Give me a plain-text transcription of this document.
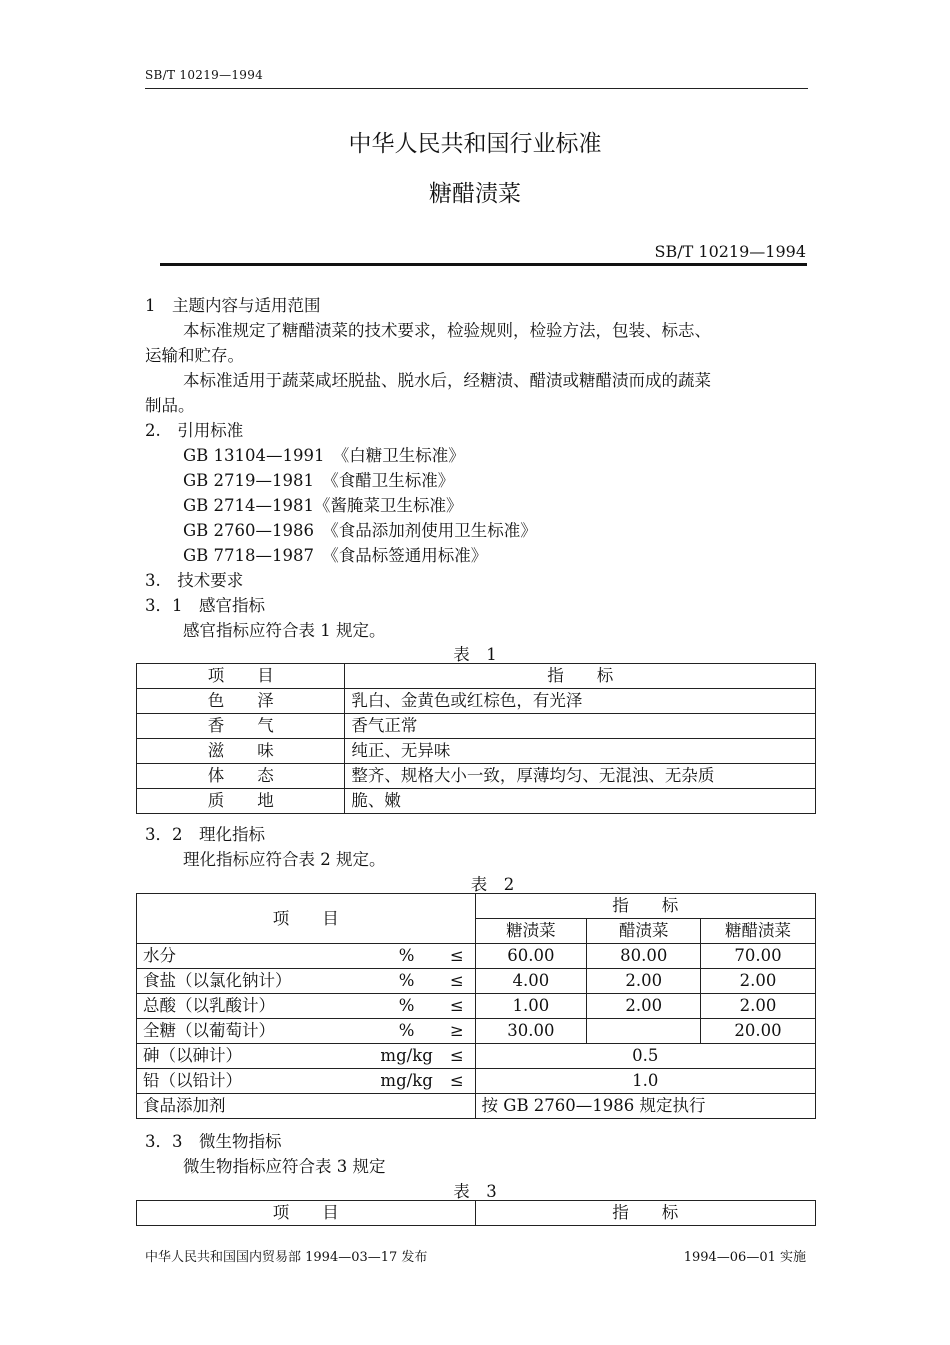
SB/T 10219—1994
中华人民共和国行业标准
糖醋渍菜
SB/T 10219—1994
1　主题内容与适用范围
本标准规定了糖醋渍菜的技术要求，检验规则，检验方法，包装、标志、
运输和贮存。
本标准适用于蔬菜咸坯脱盐、脱水后，经糖渍、醋渍或糖醋渍而成的蔬菜
制品。
2.　引用标准
GB 13104—1991　《白糖卫生标准》
GB 2719—1981　《食醋卫生标准》
GB 2714—1981《酱腌菜卫生标准》
GB 2760—1986　《食品添加剂使用卫生标准》
GB 7718—1987　《食品标签通用标准》
3.　技术要求
3．1　感官指标
感官指标应符合表 1 规定。
表　1
项　　目	指　　标
色　　泽	乳白、金黄色或红棕色，有光泽
香　　气	香气正常
滋　　味	纯正、无异味
体　　态	整齐、规格大小一致，厚薄均匀、无混浊、无杂质
质　　地	脆、嫩
3．2　理化指标
理化指标应符合表 2 规定。
表　2
项　　目			指　　标		
			糖渍菜	醋渍菜	糖醋渍菜
水分	%	≤	60.00	80.00	70.00
食盐（以氯化钠计）	%	≤	4.00	2.00	2.00
总酸（以乳酸计）	%	≤	1.00	2.00	2.00
全糖（以葡萄计）	%	≥	30.00		20.00
砷（以砷计）	mg/kg	≤	0.5		
铅（以铅计）	mg/kg	≤	1.0		
食品添加剂			按 GB 2760—1986 规定执行		
3．3　微生物指标
微生物指标应符合表 3 规定
表　3
项　　目	指　　标
中华人民共和国国内贸易部 1994—03—17 发布	1994—06—01 实施
